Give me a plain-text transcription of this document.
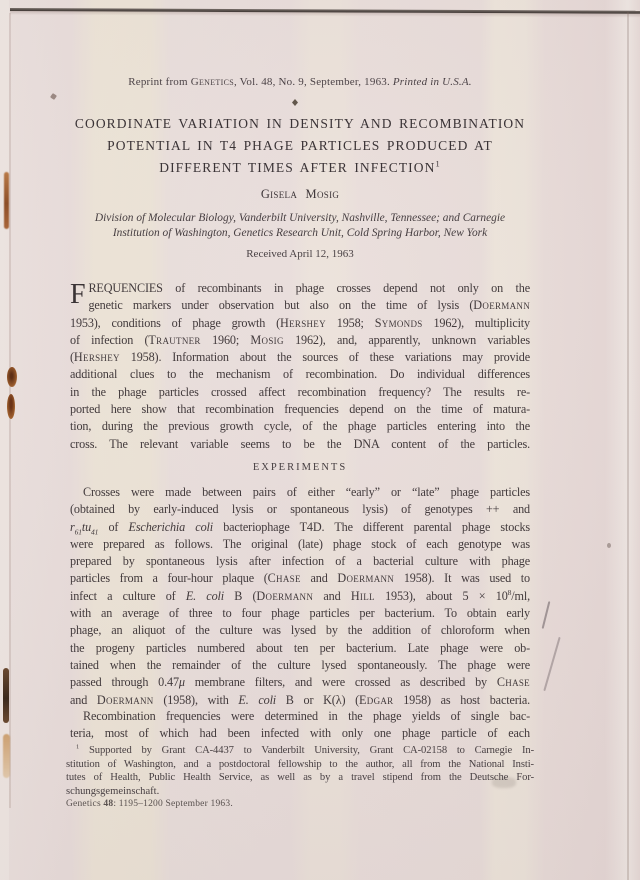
Reprint from Genetics, Vol. 48, No. 9, September, 1963. Printed in U.S.A.
COORDINATE VARIATION IN DENSITY AND RECOMBINATION
POTENTIAL IN T4 PHAGE PARTICLES PRODUCED AT
DIFFERENT TIMES AFTER INFECTION$^1$
Gisela Mosig
Division of Molecular Biology, Vanderbilt University, Nashville, Tennessee; and Carnegie
Institution of Washington, Genetics Research Unit, Cold Spring Harbor, New York
Received April 12, 1963
FREQUENCIES of recombinants in phage crosses depend not only on the
genetic markers under observation but also on the time of lysis (Doermann
1953), conditions of phage growth (Hershey 1958; Symonds 1962), multiplicity
of infection (Trautner 1960; Mosig 1962), and, apparently, unknown variables
(Hershey 1958). Information about the sources of these variations may provide
additional clues to the mechanism of recombination. Do individual differences
in the phage particles crossed affect recombination frequency? The results re-
ported here show that recombination frequencies depend on the time of matura-
tion, during the previous growth cycle, of the phage particles entering into the
cross. The relevant variable seems to be the DNA content of the particles.
EXPERIMENTS
Crosses were made between pairs of either “early” or “late” phage particles
(obtained by early-induced lysis or spontaneous lysis) of genotypes ++ and
$r_{61}tu_{41}$ of Escherichia coli bacteriophage T4D. The different parental phage stocks
were prepared as follows. The original (late) phage stock of each genotype was
prepared by spontaneous lysis after infection of a bacterial culture with phage
particles from a four-hour plaque (Chase and Doermann 1958). It was used to
infect a culture of E. coli B (Doermann and Hill 1953), about $5 \times 10^8/ml$,
with an average of three to four phage particles per bacterium. To obtain early
phage, an aliquot of the culture was lysed by the addition of chloroform when
the progeny particles numbered about ten per bacterium. Late phage were ob-
tained when the remainder of the culture lysed spontaneously. The phage were
passed through 0.47μ membrane filters, and were crossed as described by Chase
and Doermann (1958), with E. coli B or K(λ) (Edgar 1958) as host bacteria.
Recombination frequencies were determined in the phage yields of single bac-
teria, most of which had been infected with only one phage particle of each
$^1$ Supported by Grant CA-4437 to Vanderbilt University, Grant CA-02158 to Carnegie In-
stitution of Washington, and a postdoctoral fellowship to the author, all from the National Insti-
tutes of Health, Public Health Service, as well as by a travel stipend from the Deutsche For-
schungsgemeinschaft.
Genetics 48: 1195–1200 September 1963.
